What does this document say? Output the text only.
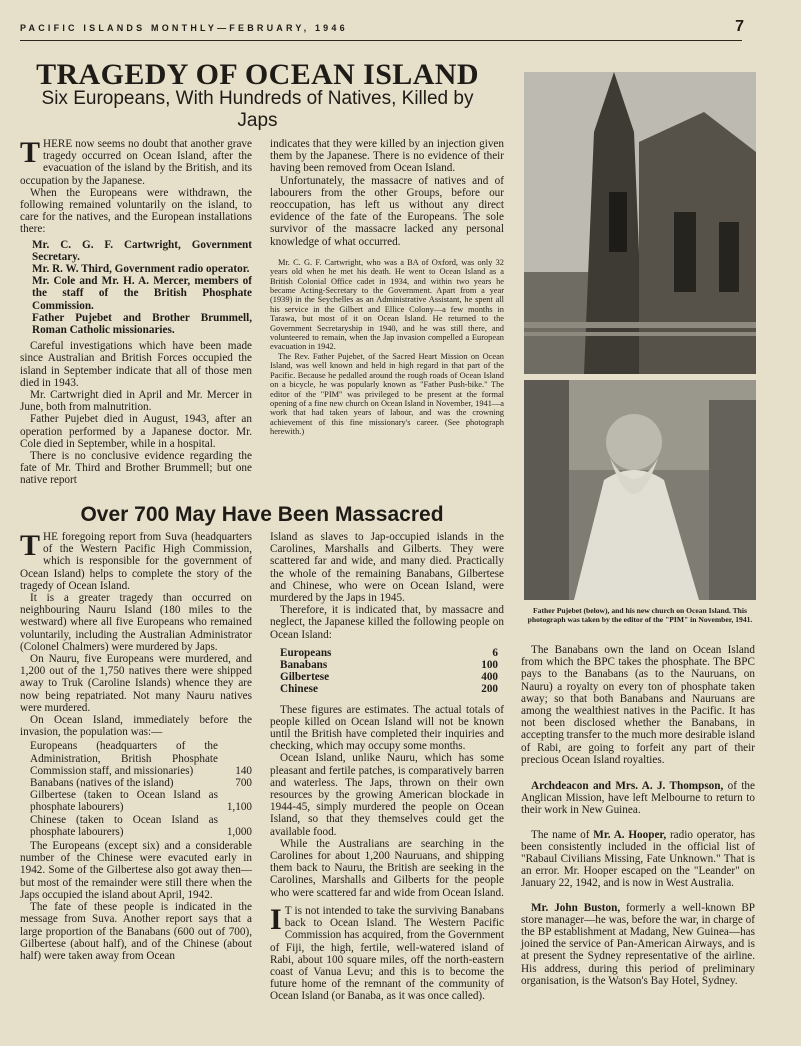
PACIFIC ISLANDS MONTHLY—FEBRUARY, 1946	7
TRAGEDY OF OCEAN ISLAND
Six Europeans, With Hundreds of Natives, Killed by Japs

THERE now seems no doubt that another grave tragedy occurred on Ocean Island, after the evacuation of the island by the British, and its occupation by the Japanese.

When the Europeans were withdrawn, the following remained voluntarily on the island, to care for the natives, and the European installations there:

Mr. C. G. F. Cartwright, Government Secretary.

Mr. R. W. Third, Government radio operator.

Mr. Cole and Mr. H. A. Mercer, members of the staff of the British Phosphate Commission.

Father Pujebet and Brother Brummell, Roman Catholic missionaries.

Careful investigations which have been made since Australian and British Forces occupied the island in September indicate that all of those men died in 1943.

Mr. Cartwright died in April and Mr. Mercer in June, both from malnutrition.

Father Pujebet died in August, 1943, after an operation performed by a Japanese doctor. Mr. Cole died in September, while in a hospital.

There is no conclusive evidence regarding the fate of Mr. Third and Brother Brummell; but one native report

indicates that they were killed by an injection given them by the Japanese. There is no evidence of their having been removed from Ocean Island.

Unfortunately, the massacre of natives and of labourers from the other Groups, before our reoccupation, has left us without any direct evidence of the fate of the Europeans. The sole survivor of the massacre lacked any personal knowledge of what occurred.

Mr. C. G. F. Cartwright, who was a BA of Oxford, was only 32 years old when he met his death. He went to Ocean Island as a British Colonial Office cadet in 1934, and within two years he became Acting-Secretary to the Government. Apart from a year (1939) in the Seychelles as an Administrative Assistant, he spent all his service in the Gilbert and Ellice Colony—a few months in Tarawa, but most of it on Ocean Island. He returned to the Government Secretaryship in 1940, and he was still there, and volunteered to remain, when the Jap invasion compelled a European evacuation in 1942.

The Rev. Father Pujebet, of the Sacred Heart Mission on Ocean Island, was well known and held in high regard in that part of the Pacific. Because he pedalled around the rough roads of Ocean Island on a bicycle, he was popularly known as "Father Push-bike." The editor of the "PIM" was privileged to be present at the formal opening of a fine new church on Ocean Island in November, 1941—a work that had taken years of labour, and was the crowning achievement of this fine missionary's career. (See photograph herewith.)

Over 700 May Have Been Massacred

THE foregoing report from Suva (headquarters of the Western Pacific High Commission, which is responsible for the government of Ocean Island) helps to complete the story of the tragedy of Ocean Island.

It is a greater tragedy than occurred on neighbouring Nauru Island (180 miles to the westward) where all five Europeans who remained voluntarily, including the Australian Administrator (Colonel Chalmers) were murdered by Japs.

On Nauru, five Europeans were murdered, and 1,200 out of the 1,750 natives there were shipped away to Truk (Caroline Islands) whence they are now being repatriated. Not many Nauru natives were murdered.

On Ocean Island, immediately before the invasion, the population was:—

Europeans (headquarters of the Administration, British Phosphate Commission staff, and missionaries)	140
Banabans (natives of the island)	700
Gilbertese (taken to Ocean Island as phosphate labourers)	1,100
Chinese (taken to Ocean Island as phosphate labourers)	1,000

The Europeans (except six) and a considerable number of the Chinese were evacuted early in 1942. Some of the Gilbertese also got away then—but most of the remainder were still there when the Japs occupied the island about April, 1942.

The fate of these people is indicated in the message from Suva. Another report says that a large proportion of the Banabans (600 out of 700), Gilbertese (about half), and of the Chinese (about half) were taken away from Ocean

Island as slaves to Jap-occupied islands in the Carolines, Marshalls and Gilberts. They were scattered far and wide, and many died. Practically the whole of the remaining Banabans, Gilbertese and Chinese, who were on Ocean Island, were murdered by the Japs in 1945.

Therefore, it is indicated that, by massacre and neglect, the Japanese killed the following people on Ocean Island:

Europeans	6
Banabans	100
Gilbertese	400
Chinese	200

These figures are estimates. The actual totals of people killed on Ocean Island will not be known until the British have completed their inquiries and checking, which may occupy some months.

Ocean Island, unlike Nauru, which has some pleasant and fertile patches, is comparatively barren and waterless. The Japs, thrown on their own resources by the growing American blockade in 1944-45, simply murdered the people on Ocean Island, so that they themselves could get the available food.

While the Australians are searching in the Carolines for about 1,200 Nauruans, and shipping them back to Nauru, the British are seeking in the Carolines, Marshalls and Gilberts for the people who were scattered far and wide from Ocean Island.

I T is not intended to take the surviving Banabans back to Ocean Island. The Western Pacific Commission has acquired, from the Government of Fiji, the high, fertile, well-watered island of Rabi, about 100 square miles, off the north-eastern coast of Vanua Levu; and this is to become the future home of the remnant of the community of Ocean Island (or Banaba, as it was once called).

Father Pujebet (below), and his new church on Ocean Island. This photograph was taken by the editor of the "PIM" in November, 1941.

The Banabans own the land on Ocean Island from which the BPC takes the phosphate. The BPC pays to the Banabans (as to the Nauruans, on Nauru) a royalty on every ton of phosphate taken away; so that both Banabans and Nauruans are among the wealthiest natives in the Pacific. It has not been disclosed whether the Banabans, in accepting transfer to the much more desirable island of Rabi, are going to forfeit any part of their precious Ocean Island royalties.

Archdeacon and Mrs. A. J. Thompson, of the Anglican Mission, have left Melbourne to return to their work in New Guinea.

The name of Mr. A. Hooper, radio operator, has been consistently included in the official list of "Rabaul Civilians Missing, Fate Unknown." That is an error. Mr. Hooper escaped on the "Leander" on January 22, 1942, and is now in West Australia.

Mr. John Buston, formerly a well-known BP store manager—he was, before the war, in charge of the BP establishment at Madang, New Guinea—has joined the service of Pan-American Airways, and is at present the Sydney representative of the airline. His address, during this period of preliminary organisation, is the Watson's Bay Hotel, Sydney.
